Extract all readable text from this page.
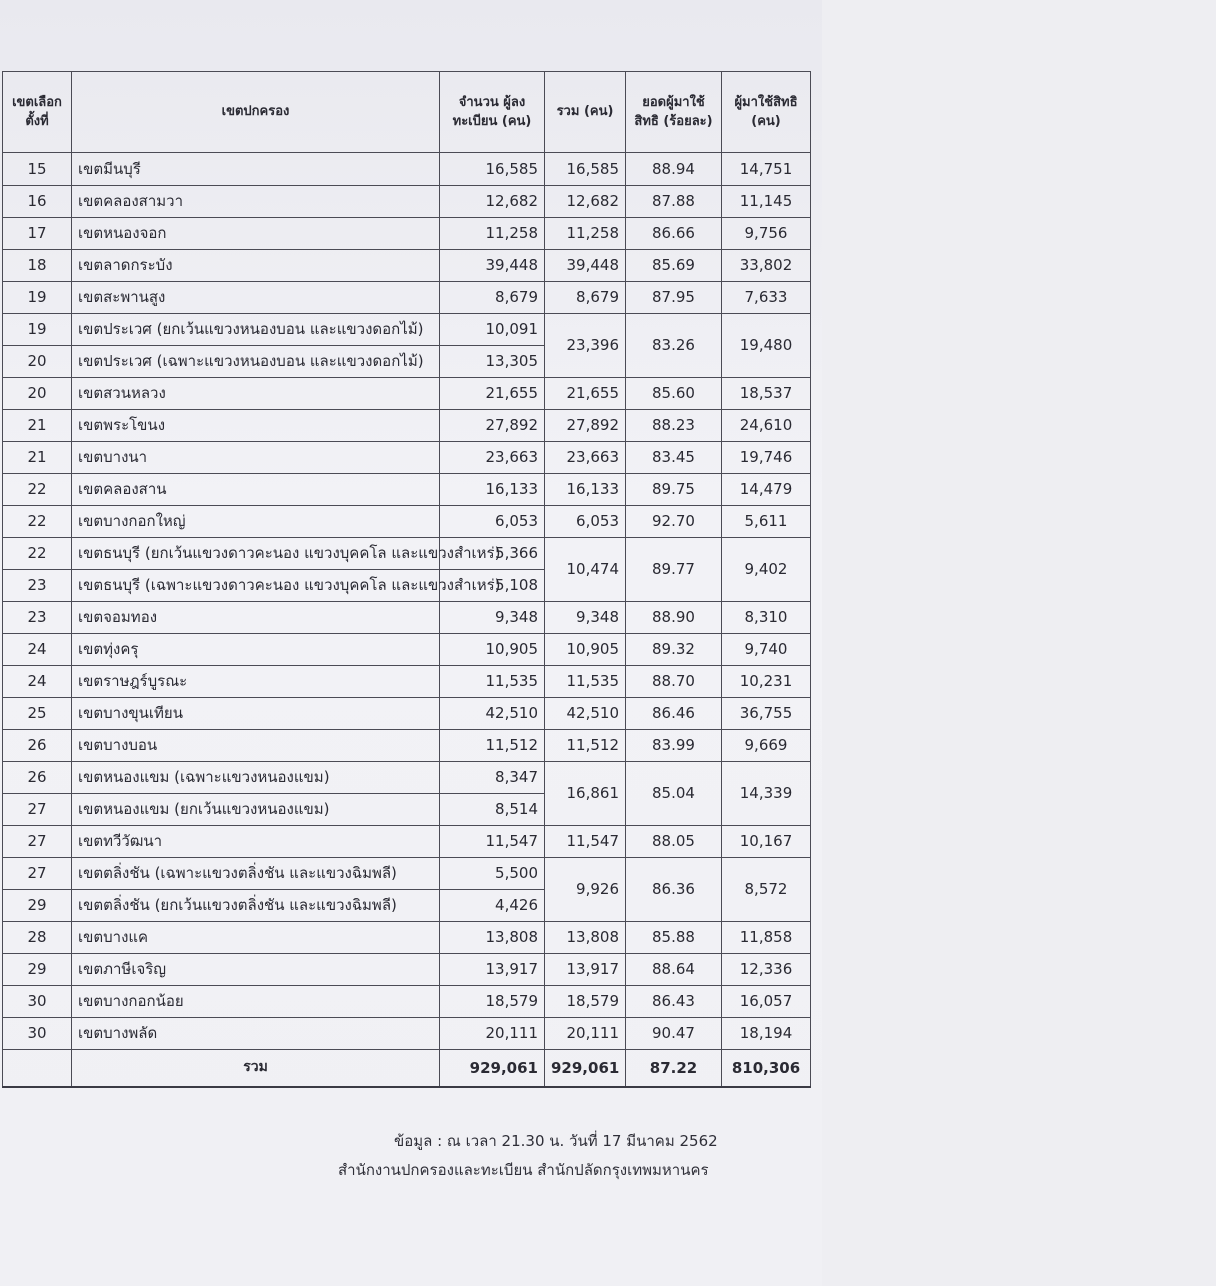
เขตเลือกตั้งที่	เขตปกครอง	จำนวน ผู้ลงทะเบียน (คน)	รวม (คน)	ยอดผู้มาใช้สิทธิ (ร้อยละ)	ผู้มาใช้สิทธิ (คน)
15	เขตมีนบุรี	16,585	16,585	88.94	14,751
16	เขตคลองสามวา	12,682	12,682	87.88	11,145
17	เขตหนองจอก	11,258	11,258	86.66	9,756
18	เขตลาดกระบัง	39,448	39,448	85.69	33,802
19	เขตสะพานสูง	8,679	8,679	87.95	7,633
19	เขตประเวศ (ยกเว้นแขวงหนองบอน และแขวงดอกไม้)	10,091	23,396	83.26	19,480
20	เขตประเวศ (เฉพาะแขวงหนองบอน และแขวงดอกไม้)	13,305			
20	เขตสวนหลวง	21,655	21,655	85.60	18,537
21	เขตพระโขนง	27,892	27,892	88.23	24,610
21	เขตบางนา	23,663	23,663	83.45	19,746
22	เขตคลองสาน	16,133	16,133	89.75	14,479
22	เขตบางกอกใหญ่	6,053	6,053	92.70	5,611
22	เขตธนบุรี (ยกเว้นแขวงดาวคะนอง แขวงบุคคโล และแขวงสำเหร่)	5,366	10,474	89.77	9,402
23	เขตธนบุรี (เฉพาะแขวงดาวคะนอง แขวงบุคคโล และแขวงสำเหร่)	5,108			
23	เขตจอมทอง	9,348	9,348	88.90	8,310
24	เขตทุ่งครุ	10,905	10,905	89.32	9,740
24	เขตราษฎร์บูรณะ	11,535	11,535	88.70	10,231
25	เขตบางขุนเทียน	42,510	42,510	86.46	36,755
26	เขตบางบอน	11,512	11,512	83.99	9,669
26	เขตหนองแขม (เฉพาะแขวงหนองแขม)	8,347	16,861	85.04	14,339
27	เขตหนองแขม (ยกเว้นแขวงหนองแขม)	8,514			
27	เขตทวีวัฒนา	11,547	11,547	88.05	10,167
27	เขตตลิ่งชัน (เฉพาะแขวงตลิ่งชัน และแขวงฉิมพลี)	5,500	9,926	86.36	8,572
29	เขตตลิ่งชัน (ยกเว้นแขวงตลิ่งชัน และแขวงฉิมพลี)	4,426			
28	เขตบางแค	13,808	13,808	85.88	11,858
29	เขตภาษีเจริญ	13,917	13,917	88.64	12,336
30	เขตบางกอกน้อย	18,579	18,579	86.43	16,057
30	เขตบางพลัด	20,111	20,111	90.47	18,194
	รวม	929,061	929,061	87.22	810,306
ข้อมูล : ณ เวลา 21.30 น. วันที่ 17 มีนาคม 2562
สำนักงานปกครองและทะเบียน สำนักปลัดกรุงเทพมหานคร
